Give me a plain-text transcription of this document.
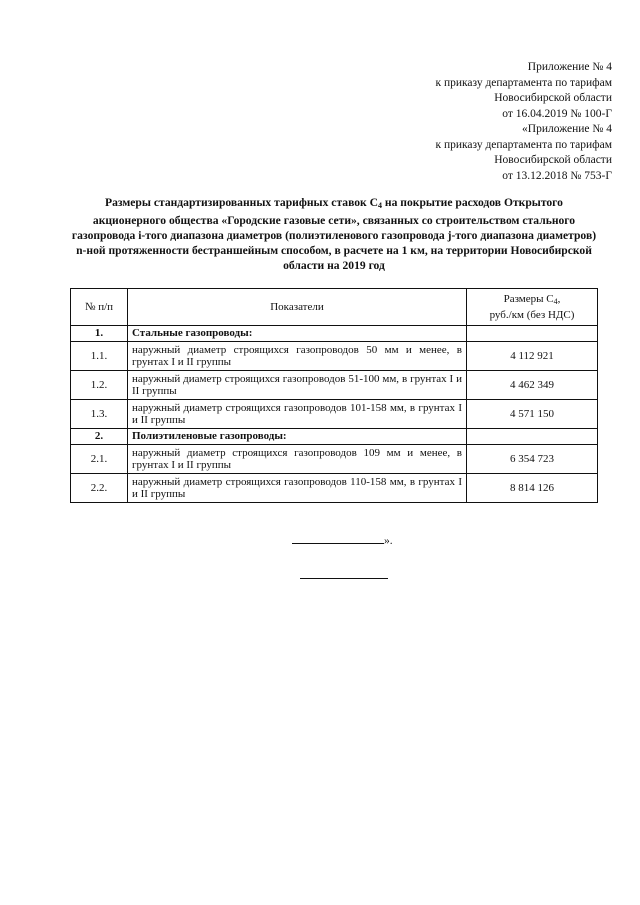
Приложение № 4
к приказу департамента по тарифам
Новосибирской области
от 16.04.2019 № 100-Г
«Приложение № 4
к приказу департамента по тарифам
Новосибирской области
от 13.12.2018 № 753-Г
Размеры стандартизированных тарифных ставок $C_4$ на покрытие расходов Открытого акционерного общества «Городские газовые сети», связанных со строительством стального газопровода i-того диапазона диаметров (полиэтиленового газопровода j-того диапазона диаметров) n-ной протяженности бестраншейным способом, в расчете на 1 км, на территории Новосибирской области на 2019 год
№ п/п	Показатели	Размеры $C_4$,
руб./км (без НДС)
1.	Стальные газопроводы:	
1.1.	наружный диаметр строящихся газопроводов 50 мм и менее, в грунтах I и II группы	4 112 921
1.2.	наружный диаметр строящихся газопроводов 51-100 мм, в грунтах I и II группы	4 462 349
1.3.	наружный диаметр строящихся газопроводов 101-158 мм, в грунтах I и II группы	4 571 150
2.	Полиэтиленовые газопроводы:	
2.1.	наружный диаметр строящихся газопроводов 109 мм и менее, в грунтах I и II группы	6 354 723
2.2.	наружный диаметр строящихся газопроводов 110-158 мм, в грунтах I и II группы	8 814 126
».
